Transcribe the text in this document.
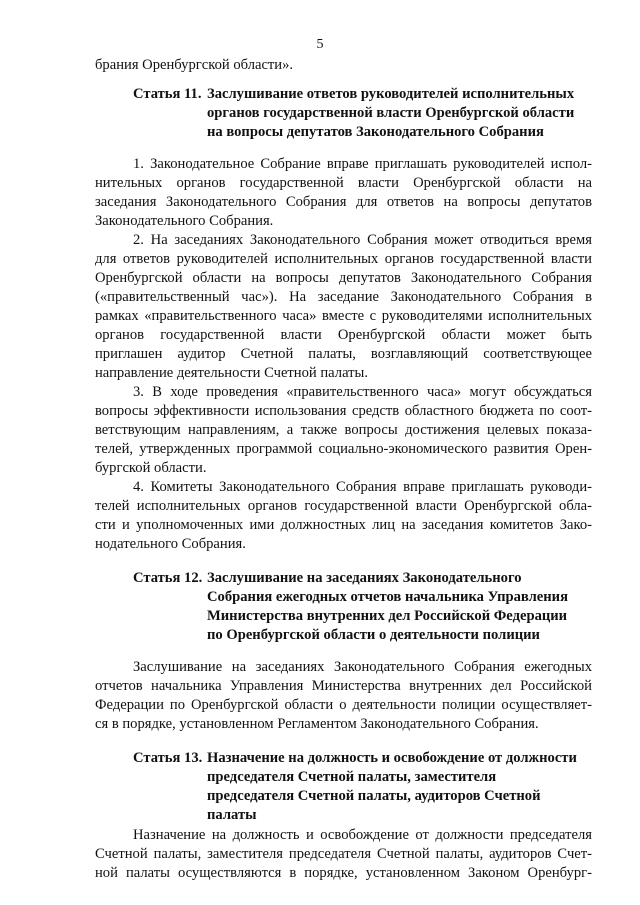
5
брания Оренбургской области».
Статья 11. Заслушивание ответов руководителей исполнительных
органов государственной власти Оренбургской области
на вопросы депутатов Законодательного Собрания
1. Законодательное Собрание вправе приглашать руководителей испол-
нительных органов государственной власти Оренбургской области на
заседания Законодательного Собрания для ответов на вопросы депутатов
Законодательного Собрания.
2. На заседаниях Законодательного Собрания может отводиться время
для ответов руководителей исполнительных органов государственной власти
Оренбургской области на вопросы депутатов Законодательного Собрания
(«правительственный час»). На заседание Законодательного Собрания в
рамках «правительственного часа» вместе с руководителями исполнительных
органов государственной власти Оренбургской области может быть
приглашен аудитор Счетной палаты, возглавляющий соответствующее
направление деятельности Счетной палаты.
3. В ходе проведения «правительственного часа» могут обсуждаться
вопросы эффективности использования средств областного бюджета по соот-
ветствующим направлениям, а также вопросы достижения целевых показа-
телей, утвержденных программой социально-экономического развития Орен-
бургской области.
4. Комитеты Законодательного Собрания вправе приглашать руководи-
телей исполнительных органов государственной власти Оренбургской обла-
сти и уполномоченных ими должностных лиц на заседания комитетов Зако-
нодательного Собрания.
Статья 12. Заслушивание на заседаниях Законодательного
Собрания ежегодных отчетов начальника Управления
Министерства внутренних дел Российской Федерации
по Оренбургской области о деятельности полиции
Заслушивание на заседаниях Законодательного Собрания ежегодных
отчетов начальника Управления Министерства внутренних дел Российской
Федерации по Оренбургской области о деятельности полиции осуществляет-
ся в порядке, установленном Регламентом Законодательного Собрания.
Статья 13. Назначение на должность и освобождение от должности
председателя Счетной палаты, заместителя
председателя Счетной палаты, аудиторов Счетной
палаты
Назначение на должность и освобождение от должности председателя
Счетной палаты, заместителя председателя Счетной палаты, аудиторов Счет-
ной палаты осуществляются в порядке, установленном Законом Оренбург-
